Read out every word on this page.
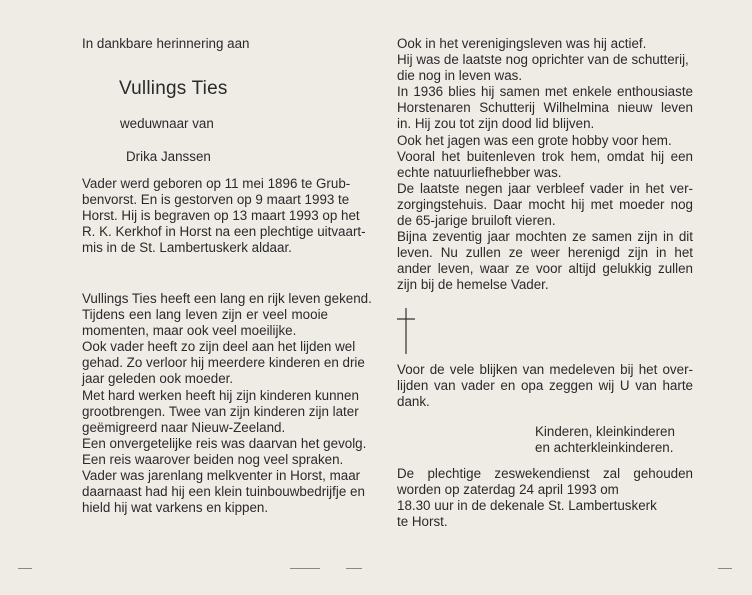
In dankbare herinnering aan
Vullings Ties
weduwnaar van
Drika Janssen
Vader werd geboren op 11 mei 1896 te Grub-
benvorst. En is gestorven op 9 maart 1993 te
Horst. Hij is begraven op 13 maart 1993 op het
R. K. Kerkhof in Horst na een plechtige uitvaart-
mis in de St. Lambertuskerk aldaar.
Vullings Ties heeft een lang en rijk leven gekend.
Tijdens een lang leven zijn er veel mooie
momenten, maar ook veel moeilijke.
Ook vader heeft zo zijn deel aan het lijden wel
gehad. Zo verloor hij meerdere kinderen en drie
jaar geleden ook moeder.
Met hard werken heeft hij zijn kinderen kunnen
grootbrengen. Twee van zijn kinderen zijn later
geëmigreerd naar Nieuw-Zeeland.
Een onvergetelijke reis was daarvan het gevolg.
Een reis waarover beiden nog veel spraken.
Vader was jarenlang melkventer in Horst, maar
daarnaast had hij een klein tuinbouwbedrijfje en
hield hij wat varkens en kippen.
Ook in het verenigingsleven was hij actief.
Hij was de laatste nog oprichter van de schutterij,
die nog in leven was.
In 1936 blies hij samen met enkele enthousiaste
Horstenaren Schutterij Wilhelmina nieuw leven
in. Hij zou tot zijn dood lid blijven.
Ook het jagen was een grote hobby voor hem.
Vooral het buitenleven trok hem, omdat hij een
echte natuurliefhebber was.
De laatste negen jaar verbleef vader in het ver-
zorgingstehuis. Daar mocht hij met moeder nog
de 65-jarige bruiloft vieren.
Bijna zeventig jaar mochten ze samen zijn in dit
leven. Nu zullen ze weer herenigd zijn in het
ander leven, waar ze voor altijd gelukkig zullen
zijn bij de hemelse Vader.
Voor de vele blijken van medeleven bij het over-
lijden van vader en opa zeggen wij U van harte
dank.
Kinderen, kleinkinderen
en achterkleinkinderen.
De plechtige zeswekendienst zal gehouden
worden op zaterdag 24 april 1993 om
18.30 uur in de dekenale St. Lambertuskerk
te Horst.
